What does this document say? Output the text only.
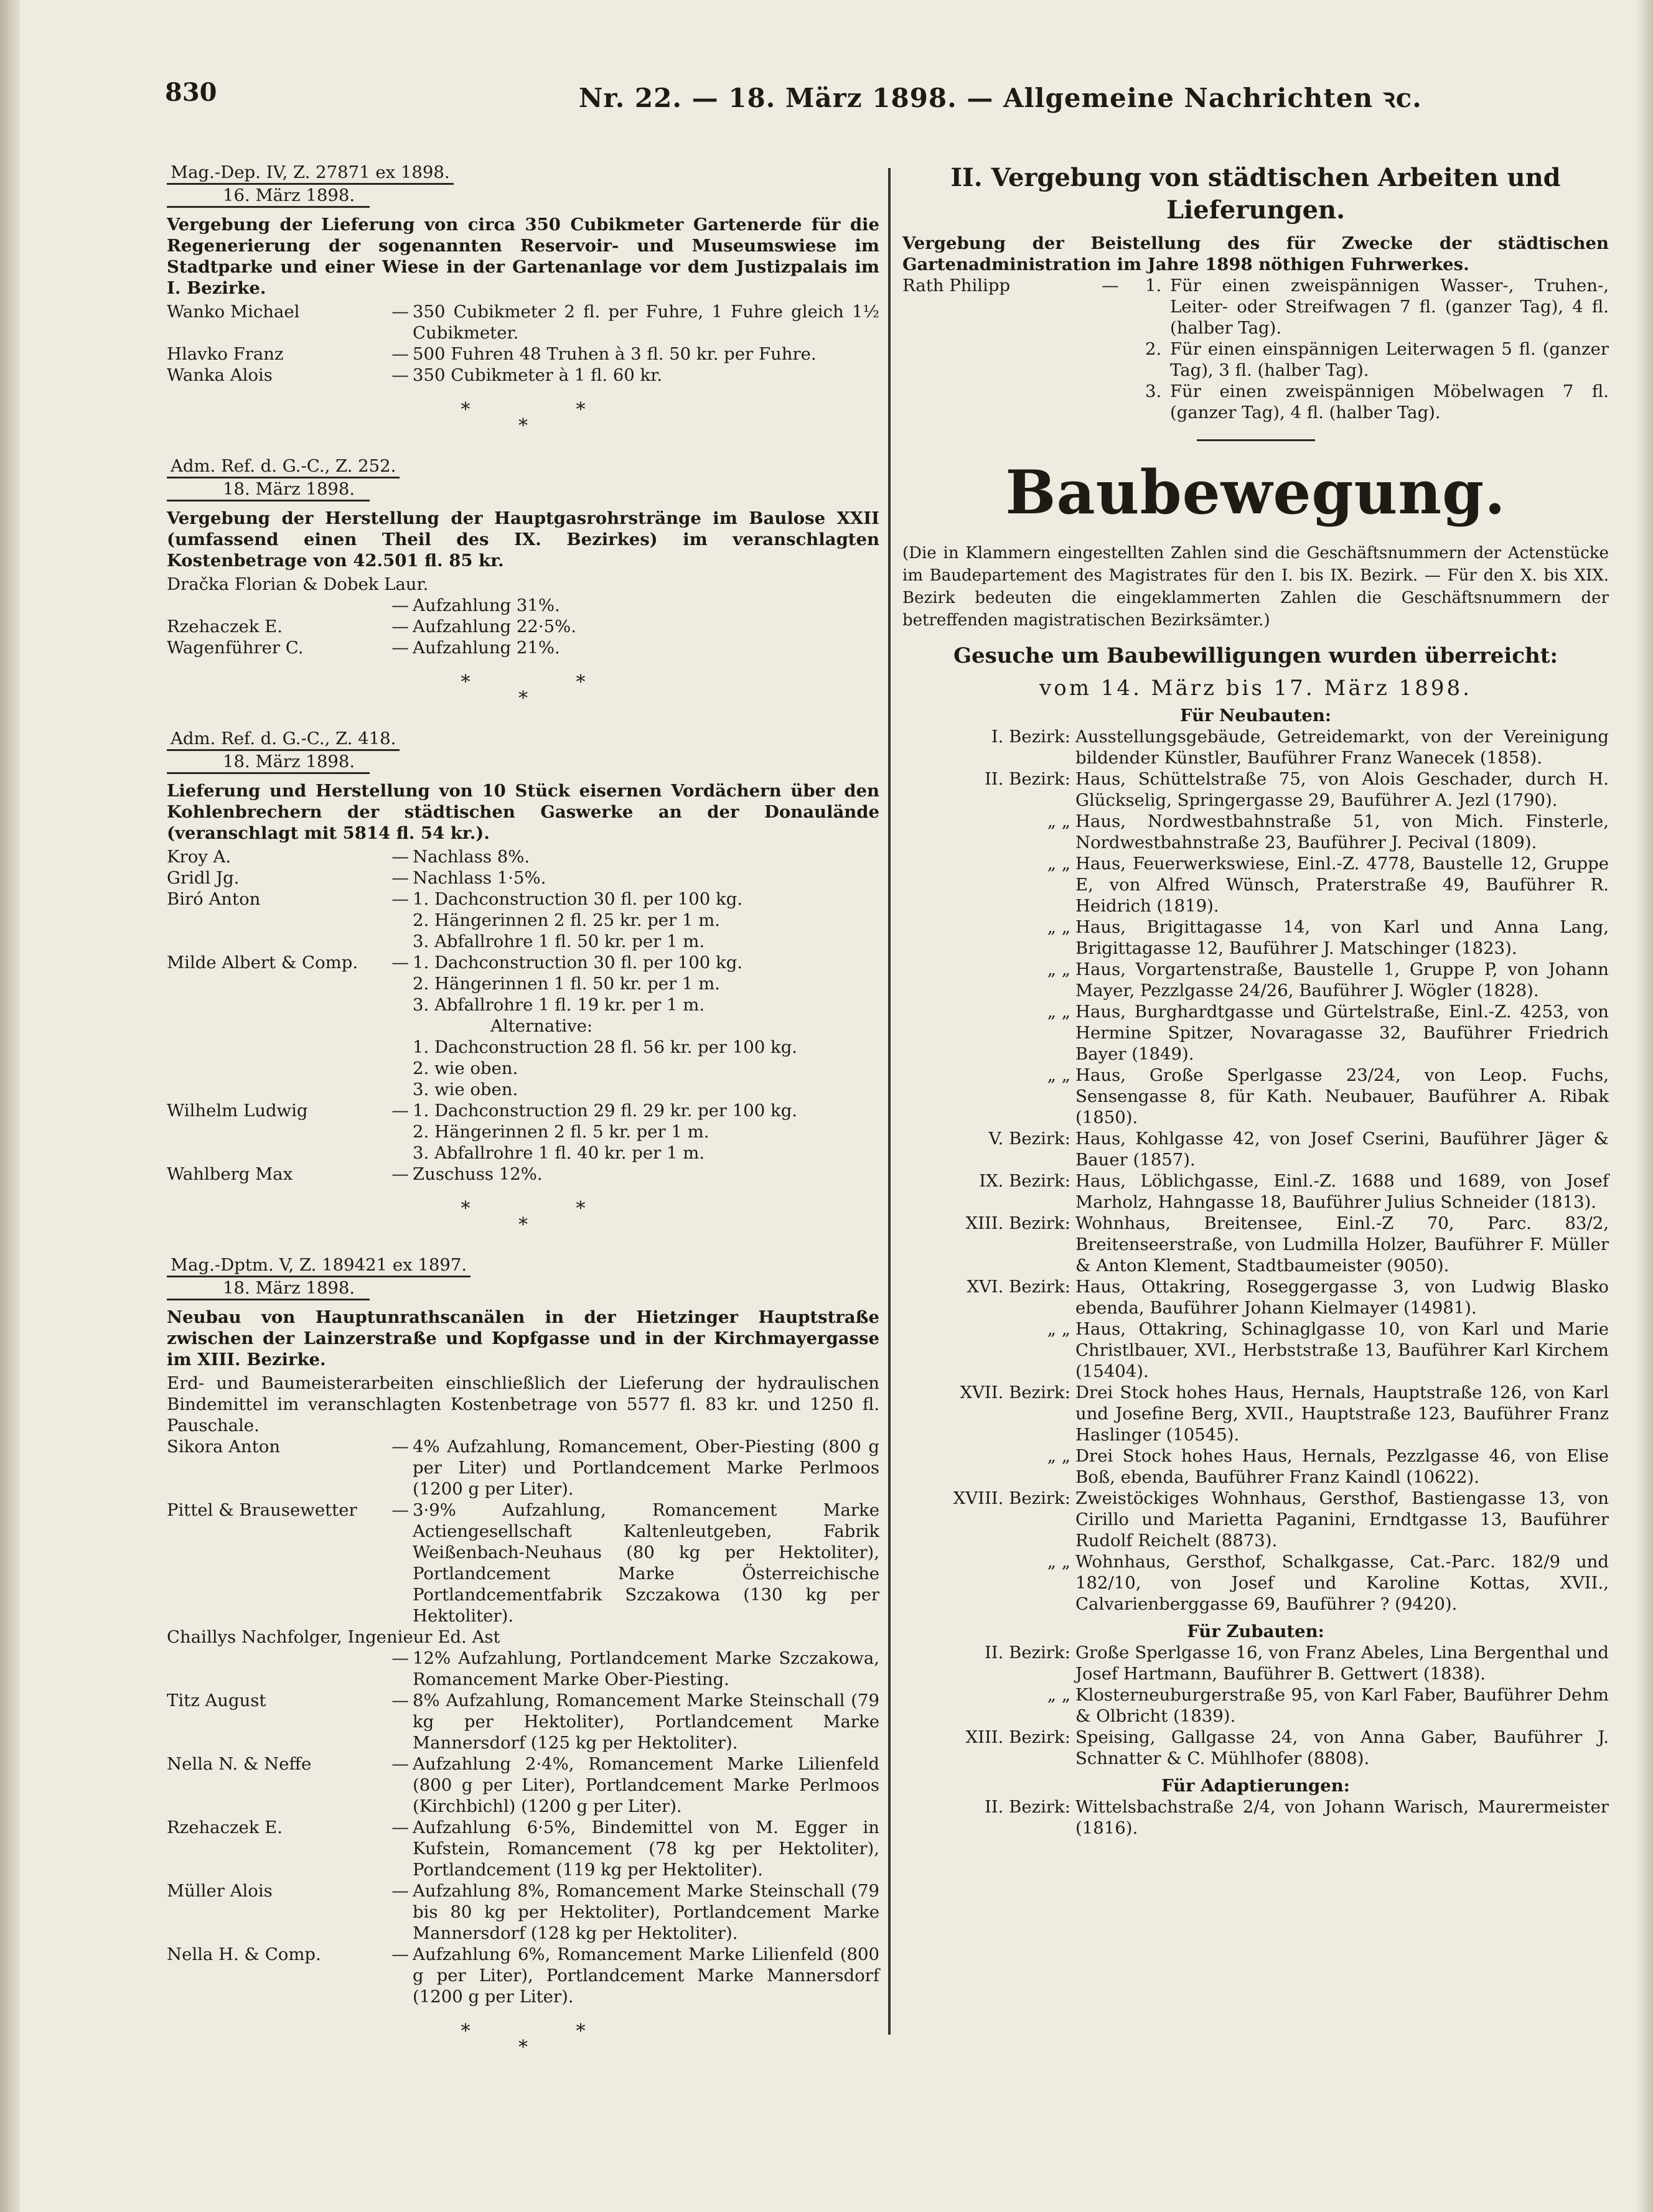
830	Nr. 22. — 18. März 1898. — Allgemeine Nachrichten ꝛc.
Mag.-Dep. IV, Z. 27871 ex 1898.
16. März 1898.
Vergebung der Lieferung von circa 350 Cubikmeter Gartenerde für die Regenerierung der sogenannten Reservoir- und Museumswiese im Stadtparke und einer Wiese in der Gartenanlage vor dem Justizpalais im I. Bezirke.
Wanko Michael	— 350 Cubikmeter 2 fl. per Fuhre, 1 Fuhre gleich 1½ Cubikmeter.
Hlavko Franz	— 500 Fuhren 48 Truhen à 3 fl. 50 kr. per Fuhre.
Wanka Alois	— 350 Cubikmeter à 1 fl. 60 kr.
**
*
Adm. Ref. d. G.-C., Z. 252.
18. März 1898.
Vergebung der Herstellung der Hauptgasrohrstränge im Baulose XXII (umfassend einen Theil des IX. Bezirkes) im veranschlagten Kostenbetrage von 42.501 fl. 85 kr.
Dračka Florian & Dobek Laur.
— Aufzahlung 31%.
Rzehaczek E.	— Aufzahlung 22·5%.
Wagenführer C.	— Aufzahlung 21%.
**
*
Adm. Ref. d. G.-C., Z. 418.
18. März 1898.
Lieferung und Herstellung von 10 Stück eisernen Vordächern über den Kohlenbrechern der städtischen Gaswerke an der Donaulände (veranschlagt mit 5814 fl. 54 kr.).
Kroy A.	— Nachlass 8%.
Gridl Jg.	— Nachlass 1·5%.
Biró Anton	— 1. Dachconstruction 30 fl. per 100 kg.
2. Hängerinnen 2 fl. 25 kr. per 1 m.
3. Abfallrohre 1 fl. 50 kr. per 1 m.
Milde Albert & Comp.	— 1. Dachconstruction 30 fl. per 100 kg.
2. Hängerinnen 1 fl. 50 kr. per 1 m.
3. Abfallrohre 1 fl. 19 kr. per 1 m.
Alternative:
1. Dachconstruction 28 fl. 56 kr. per 100 kg.
2. wie oben.
3. wie oben.
Wilhelm Ludwig	— 1. Dachconstruction 29 fl. 29 kr. per 100 kg.
2. Hängerinnen 2 fl. 5 kr. per 1 m.
3. Abfallrohre 1 fl. 40 kr. per 1 m.
Wahlberg Max	— Zuschuss 12%.
**
*
Mag.-Dptm. V, Z. 189421 ex 1897.
18. März 1898.
Neubau von Hauptunrathscanälen in der Hietzinger Hauptstraße zwischen der Lainzerstraße und Kopfgasse und in der Kirchmayergasse im XIII. Bezirke.
Erd- und Baumeisterarbeiten einschließlich der Lieferung der hydraulischen Bindemittel im veranschlagten Kostenbetrage von 5577 fl. 83 kr. und 1250 fl. Pauschale.
Sikora Anton	— 4% Aufzahlung, Romancement, Ober-Piesting (800 g per Liter) und Portlandcement Marke Perlmoos (1200 g per Liter).
Pittel & Brausewetter	— 3·9% Aufzahlung, Romancement Marke Actiengesellschaft Kaltenleutgeben, Fabrik Weißenbach-Neuhaus (80 kg per Hektoliter), Portlandcement Marke Österreichische Portlandcementfabrik Szczakowa (130 kg per Hektoliter).
Chaillys Nachfolger, Ingenieur Ed. Ast
— 12% Aufzahlung, Portlandcement Marke Szczakowa, Romancement Marke Ober-Piesting.
Titz August	— 8% Aufzahlung, Romancement Marke Steinschall (79 kg per Hektoliter), Portlandcement Marke Mannersdorf (125 kg per Hektoliter).
Nella N. & Neffe	— Aufzahlung 2·4%, Romancement Marke Lilienfeld (800 g per Liter), Portlandcement Marke Perlmoos (Kirchbichl) (1200 g per Liter).
Rzehaczek E.	— Aufzahlung 6·5%, Bindemittel von M. Egger in Kufstein, Romancement (78 kg per Hektoliter), Portlandcement (119 kg per Hektoliter).
Müller Alois	— Aufzahlung 8%, Romancement Marke Steinschall (79 bis 80 kg per Hektoliter), Portlandcement Marke Mannersdorf (128 kg per Hektoliter).
Nella H. & Comp.	— Aufzahlung 6%, Romancement Marke Lilienfeld (800 g per Liter), Portlandcement Marke Mannersdorf (1200 g per Liter).
**
*
II. Vergebung von städtischen Arbeiten und Lieferungen.
Vergebung der Beistellung des für Zwecke der städtischen Gartenadministration im Jahre 1898 nöthigen Fuhrwerkes.
Rath Philipp	—	1. Für einen zweispännigen Wasser-, Truhen-, Leiter- oder Streifwagen 7 fl. (ganzer Tag), 4 fl. (halber Tag).
2. Für einen einspännigen Leiterwagen 5 fl. (ganzer Tag), 3 fl. (halber Tag).
3. Für einen zweispännigen Möbelwagen 7 fl. (ganzer Tag), 4 fl. (halber Tag).
Baubewegung.
(Die in Klammern eingestellten Zahlen sind die Geschäftsnummern der Actenstücke im Baudepartement des Magistrates für den I. bis IX. Bezirk. — Für den X. bis XIX. Bezirk bedeuten die eingeklammerten Zahlen die Geschäftsnummern der betreffenden magistratischen Bezirksämter.)
Gesuche um Baubewilligungen wurden überreicht:
vom 14. März bis 17. März 1898.
Für Neubauten:
I. Bezirk: Ausstellungsgebäude, Getreidemarkt, von der Vereinigung bildender Künstler, Bauführer Franz Wanecek (1858).
II. Bezirk: Haus, Schüttelstraße 75, von Alois Geschader, durch H. Glückselig, Springergasse 29, Bauführer A. Jezl (1790).
„ „ Haus, Nordwestbahnstraße 51, von Mich. Finsterle, Nordwestbahnstraße 23, Bauführer J. Pecival (1809).
„ „ Haus, Feuerwerkswiese, Einl.-Z. 4778, Baustelle 12, Gruppe E, von Alfred Wünsch, Praterstraße 49, Bauführer R. Heidrich (1819).
„ „ Haus, Brigittagasse 14, von Karl und Anna Lang, Brigittagasse 12, Bauführer J. Matschinger (1823).
„ „ Haus, Vorgartenstraße, Baustelle 1, Gruppe P, von Johann Mayer, Pezzlgasse 24/26, Bauführer J. Wögler (1828).
„ „ Haus, Burghardtgasse und Gürtelstraße, Einl.-Z. 4253, von Hermine Spitzer, Novaragasse 32, Bauführer Friedrich Bayer (1849).
„ „ Haus, Große Sperlgasse 23/24, von Leop. Fuchs, Sensengasse 8, für Kath. Neubauer, Bauführer A. Ribak (1850).
V. Bezirk: Haus, Kohlgasse 42, von Josef Cserini, Bauführer Jäger & Bauer (1857).
IX. Bezirk: Haus, Löblichgasse, Einl.-Z. 1688 und 1689, von Josef Marholz, Hahngasse 18, Bauführer Julius Schneider (1813).
XIII. Bezirk: Wohnhaus, Breitensee, Einl.-Z 70, Parc. 83/2, Breitenseerstraße, von Ludmilla Holzer, Bauführer F. Müller & Anton Klement, Stadtbaumeister (9050).
XVI. Bezirk: Haus, Ottakring, Roseggergasse 3, von Ludwig Blasko ebenda, Bauführer Johann Kielmayer (14981).
„ „ Haus, Ottakring, Schinaglgasse 10, von Karl und Marie Christlbauer, XVI., Herbststraße 13, Bauführer Karl Kirchem (15404).
XVII. Bezirk: Drei Stock hohes Haus, Hernals, Hauptstraße 126, von Karl und Josefine Berg, XVII., Hauptstraße 123, Bauführer Franz Haslinger (10545).
„ „ Drei Stock hohes Haus, Hernals, Pezzlgasse 46, von Elise Boß, ebenda, Bauführer Franz Kaindl (10622).
XVIII. Bezirk: Zweistöckiges Wohnhaus, Gersthof, Bastiengasse 13, von Cirillo und Marietta Paganini, Erndtgasse 13, Bauführer Rudolf Reichelt (8873).
„ „ Wohnhaus, Gersthof, Schalkgasse, Cat.-Parc. 182/9 und 182/10, von Josef und Karoline Kottas, XVII., Calvarienberggasse 69, Bauführer ? (9420).
Für Zubauten:
II. Bezirk: Große Sperlgasse 16, von Franz Abeles, Lina Bergenthal und Josef Hartmann, Bauführer B. Gettwert (1838).
„ „ Klosterneuburgerstraße 95, von Karl Faber, Bauführer Dehm & Olbricht (1839).
XIII. Bezirk: Speising, Gallgasse 24, von Anna Gaber, Bauführer J. Schnatter & C. Mühlhofer (8808).
Für Adaptierungen:
II. Bezirk: Wittelsbachstraße 2/4, von Johann Warisch, Maurermeister (1816).
